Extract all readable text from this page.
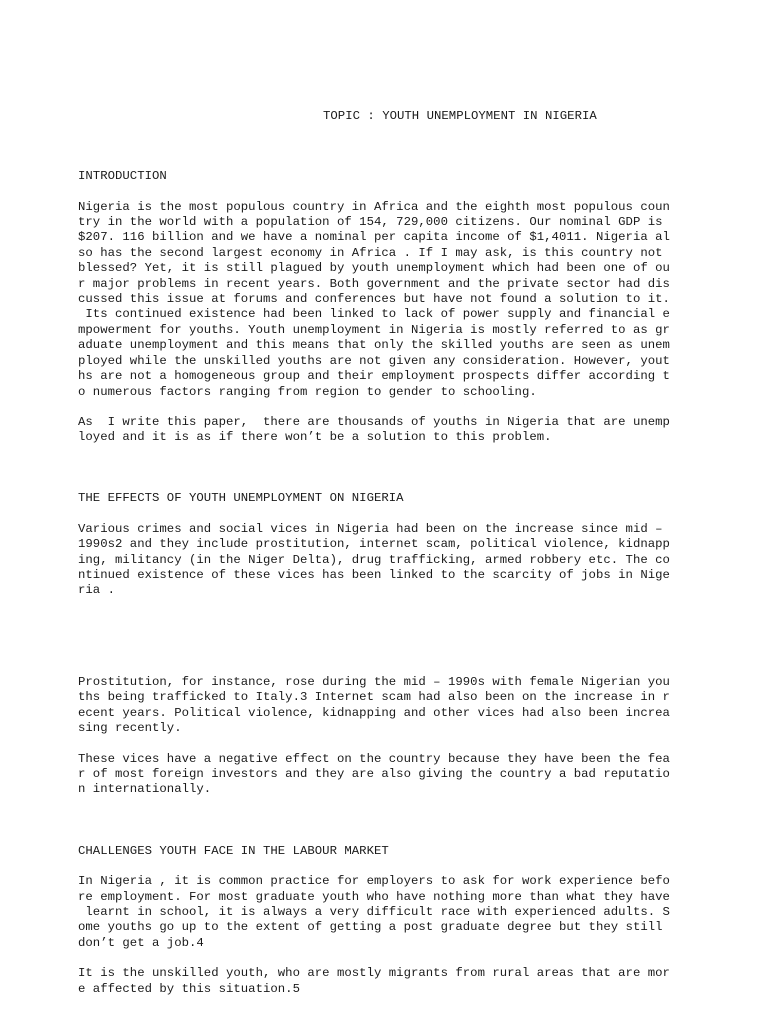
TOPIC : YOUTH UNEMPLOYMENT IN NIGERIA
INTRODUCTION
Nigeria is the most populous country in Africa and the eighth most populous coun
try in the world with a population of 154, 729,000 citizens. Our nominal GDP is
$207. 116 billion and we have a nominal per capita income of $1,4011. Nigeria al
so has the second largest economy in Africa . If I may ask, is this country not
blessed? Yet, it is still plagued by youth unemployment which had been one of ou
r major problems in recent years. Both government and the private sector had dis
cussed this issue at forums and conferences but have not found a solution to it.
Its continued existence had been linked to lack of power supply and financial e
mpowerment for youths. Youth unemployment in Nigeria is mostly referred to as gr
aduate unemployment and this means that only the skilled youths are seen as unem
ployed while the unskilled youths are not given any consideration. However, yout
hs are not a homogeneous group and their employment prospects differ according t
o numerous factors ranging from region to gender to schooling.
As  I write this paper,  there are thousands of youths in Nigeria that are unemp
loyed and it is as if there won’t be a solution to this problem.
THE EFFECTS OF YOUTH UNEMPLOYMENT ON NIGERIA
Various crimes and social vices in Nigeria had been on the increase since mid –
1990s2 and they include prostitution, internet scam, political violence, kidnapp
ing, militancy (in the Niger Delta), drug trafficking, armed robbery etc. The co
ntinued existence of these vices has been linked to the scarcity of jobs in Nige
ria .
Prostitution, for instance, rose during the mid – 1990s with female Nigerian you
ths being trafficked to Italy.3 Internet scam had also been on the increase in r
ecent years. Political violence, kidnapping and other vices had also been increa
sing recently.
These vices have a negative effect on the country because they have been the fea
r of most foreign investors and they are also giving the country a bad reputatio
n internationally.
CHALLENGES YOUTH FACE IN THE LABOUR MARKET
In Nigeria , it is common practice for employers to ask for work experience befo
re employment. For most graduate youth who have nothing more than what they have
learnt in school, it is always a very difficult race with experienced adults. S
ome youths go up to the extent of getting a post graduate degree but they still
don’t get a job.4
It is the unskilled youth, who are mostly migrants from rural areas that are mor
e affected by this situation.5
